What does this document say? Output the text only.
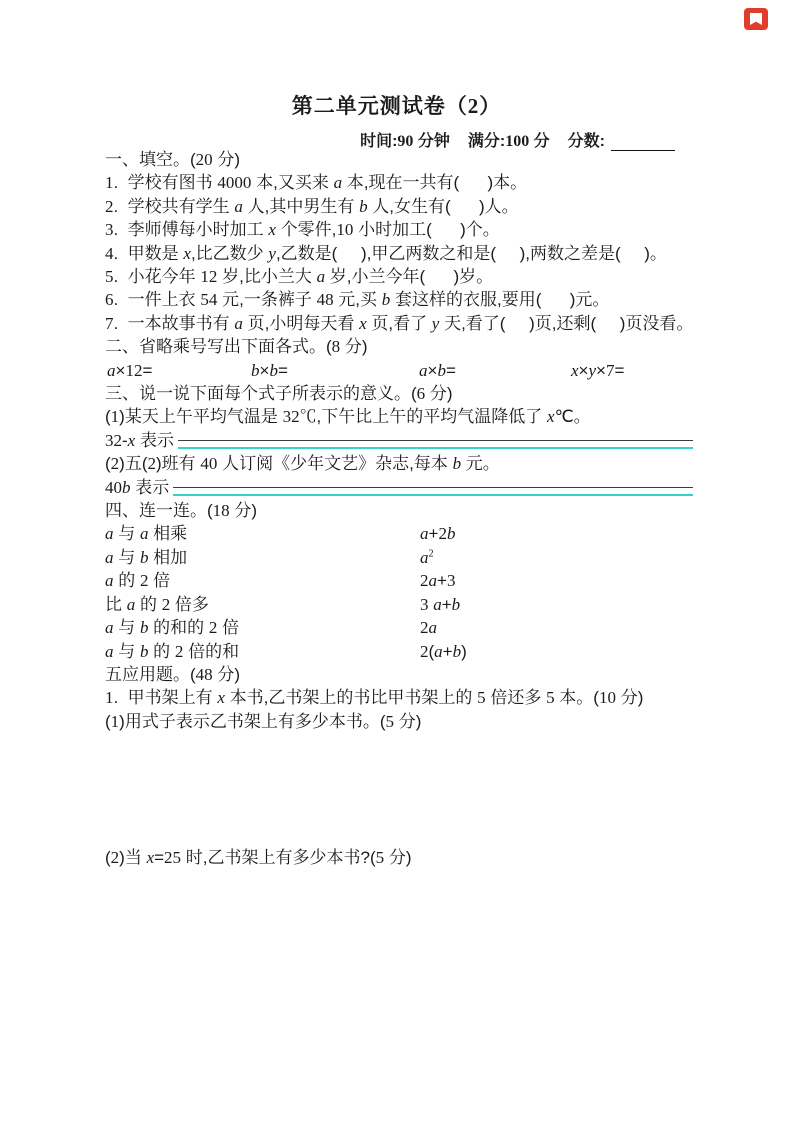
第二单元测试卷（2）
时间:90 分钟 满分:100 分 分数:
一、填空。(20 分)
1.  学校有图书 4000 本,又买来 a 本,现在一共有(      )本。
2.  学校共有学生 a 人,其中男生有 b 人,女生有(      )人。
3.  李师傅每小时加工 x 个零件,10 小时加工(      )个。
4.  甲数是 x,比乙数少 y,乙数是(     ),甲乙两数之和是(     ),两数之差是(     )。
5.  小花今年 12 岁,比小兰大 a 岁,小兰今年(      )岁。
6.  一件上衣 54 元,一条裤子 48 元,买 b 套这样的衣服,要用(      )元。
7.  一本故事书有 a 页,小明每天看 x 页,看了 y 天,看了(     )页,还剩(     )页没看。
二、省略乘号写出下面各式。(8 分)
a×12=	b×b=	a×b=	x×y×7=
三、说一说下面每个式子所表示的意义。(6 分)
(1)某天上午平均气温是 32℃,下午比上午的平均气温降低了 x℃。
32-x 表示
(2)五(2)班有 40 人订阅《少年文艺》杂志,每本 b 元。
40b 表示
四、连一连。(18 分)
a 与 a 相乘	a+2b
a 与 b 相加	$a^2$
a 的 2 倍	2a+3
比 a 的 2 倍多	3 a+b
a 与 b 的和的 2 倍	2a
a 与 b 的 2 倍的和	2(a+b)
五应用题。(48 分)
1.  甲书架上有 x 本书,乙书架上的书比甲书架上的 5 倍还多 5 本。(10 分)
(1)用式子表示乙书架上有多少本书。(5 分)
(2)当 x=25 时,乙书架上有多少本书?(5 分)
